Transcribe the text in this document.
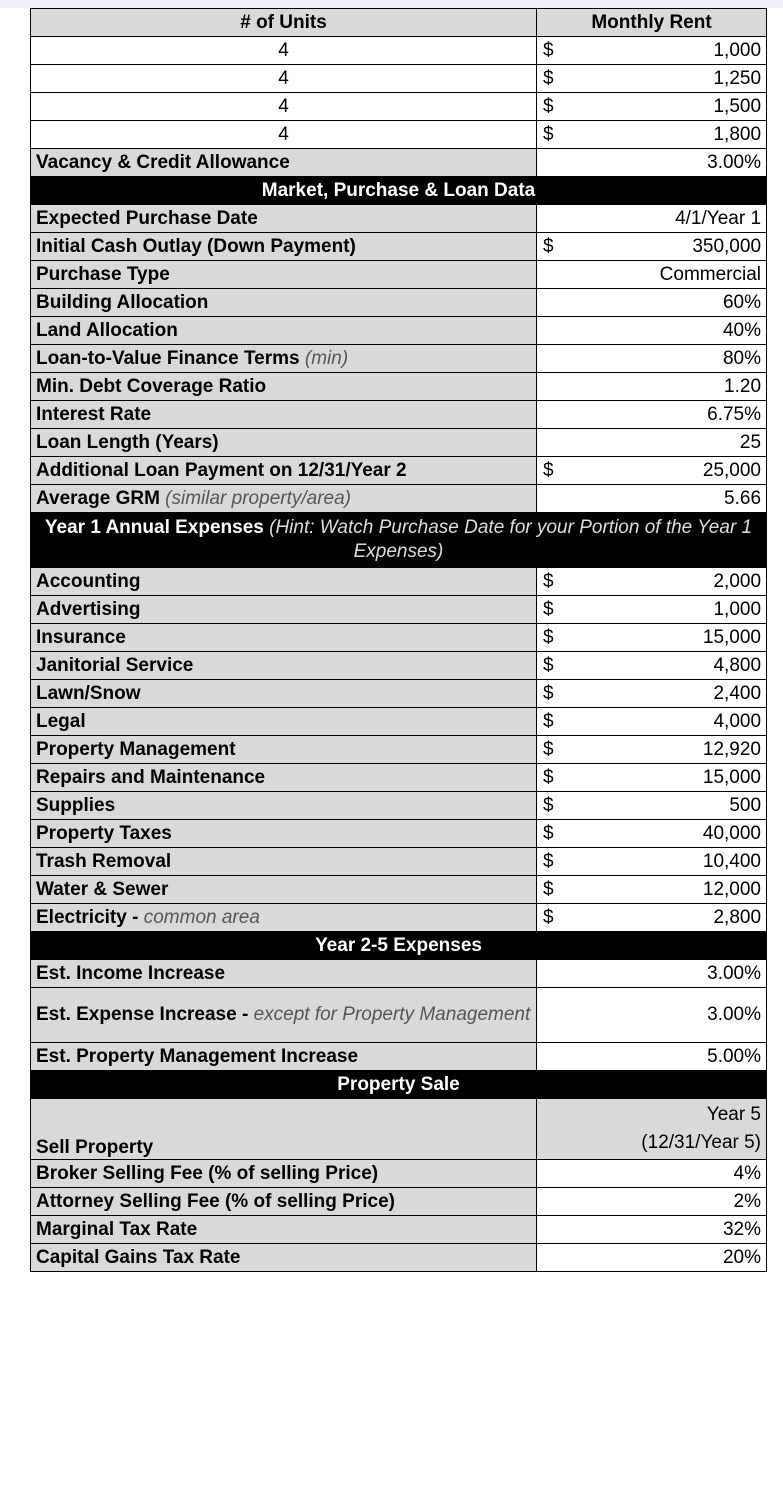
# of Units	Monthly Rent	
4	$	1,000
4	$	1,250
4	$	1,500
4	$	1,800
Vacancy & Credit Allowance	3.00%	
Market, Purchase & Loan Data		
Expected Purchase Date	4/1/Year 1	
Initial Cash Outlay (Down Payment)	$	350,000
Purchase Type	Commercial	
Building Allocation	60%	
Land Allocation	40%	
Loan-to-Value Finance Terms (min)	80%	
Min. Debt Coverage Ratio	1.20	
Interest Rate	6.75%	
Loan Length (Years)	25	
Additional Loan Payment on 12/31/Year 2	$	25,000
Average GRM (similar property/area)	5.66	
Year 1 Annual Expenses (Hint: Watch Purchase Date for your Portion of the Year 1 Expenses)		
Accounting	$	2,000
Advertising	$	1,000
Insurance	$	15,000
Janitorial Service	$	4,800
Lawn/Snow	$	2,400
Legal	$	4,000
Property Management	$	12,920
Repairs and Maintenance	$	15,000
Supplies	$	500
Property Taxes	$	40,000
Trash Removal	$	10,400
Water & Sewer	$	12,000
Electricity - common area	$	2,800
Year 2-5 Expenses		
Est. Income Increase	3.00%	
Est. Expense Increase - except for Property Management	3.00%	
Est. Property Management Increase	5.00%	
Property Sale		
Sell Property	Year 5
(12/31/Year 5)	

Broker Selling Fee (% of selling Price)	4%	
Attorney Selling Fee (% of selling Price)	2%	
Marginal Tax Rate	32%	
Capital Gains Tax Rate	20%	
